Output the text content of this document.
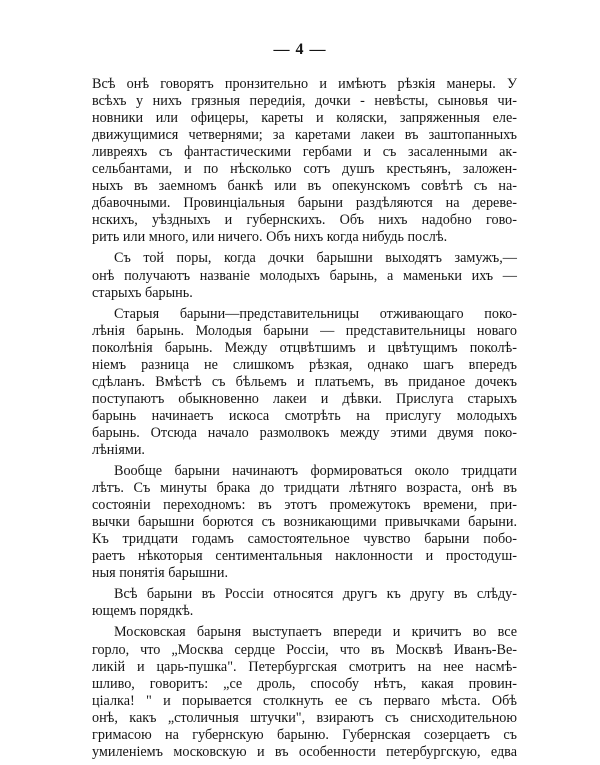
— 4 —
Всѣ онѣ говорятъ пронзительно и имѣютъ рѣзкія манеры. У
всѣхъ у нихъ грязныя передиія, дочки - невѣсты, сыновья чи-
новники или офицеры, кареты и коляски, запряженныя еле-
движущимися четвернями; за каретами лакеи въ заштопанныхъ
ливреяхъ съ фантастическими гербами и съ засаленными ак-
сельбантами, и по нѣсколько сотъ душъ крестьянъ, заложен-
ныхъ въ заемномъ банкѣ или въ опекунскомъ совѣтѣ съ на-
дбавочными. Провинціальныя барыни раздѣляются на дерeве-
нскихъ, уѣздныхъ и губернскихъ. Объ нихъ надобно гово-
рить или много, или ничего. Объ нихъ когда нибудь послѣ.
Съ той поры, когда дочки барышни выходятъ замужъ,—
онѣ получаютъ названіе молодыхъ барынь, а маменьки ихъ —
старыхъ барынь.
Старыя барыни—представительницы отживающаго поко-
лѣнія барынь. Молодыя барыни — представительницы новаго
поколѣнія барынь. Между отцвѣтшимъ и цвѣтущимъ поколѣ-
ніемъ разница не слишкомъ рѣзкая, однако шагъ впередъ
сдѣланъ. Вмѣстѣ съ бѣльемъ и платьемъ, въ приданое дочекъ
поступаютъ обыкновенно лакеи и дѣвки. Прислуга старыхъ
барынь начинаетъ искоса смотрѣть на прислугу молодыхъ
барынь. Отсюда начало размолвокъ между этими двумя поко-
лѣніями.
Вообще барыни начинаютъ формироваться около тридцати
лѣтъ. Съ минуты брака до тридцати лѣтняго возраста, онѣ въ
состояніи переходномъ: въ этотъ промежутокъ времени, при-
вычки барышни борются съ возникающими привычками барыни.
Къ тридцати годамъ самостоятельное чувство барыни побо-
раетъ нѣкоторыя сентиментальныя наклонности и простодуш-
ныя понятія барышни.
Всѣ барыни въ Россіи относятся другъ къ другу въ слѣду-
ющемъ порядкѣ.
Московская барыня выступаетъ впереди и кричитъ во все
горло, что „Москва сердце Россіи, что въ Москвѣ Иванъ-Ве-
ликій и царь-пушка". Петербургская смотритъ на нее насмѣ-
шливо, говоритъ: „се дроль, способу нѣтъ, какая провин-
ціалка! " и порывается столкнуть ее съ перваго мѣста. Обѣ
онѣ, какъ „столичныя штучки", взираютъ съ снисходительною
гримасою на губернскую барыню. Губернская созерцаетъ съ
умиленіемъ московскую и въ особенности петербургскую, едва
